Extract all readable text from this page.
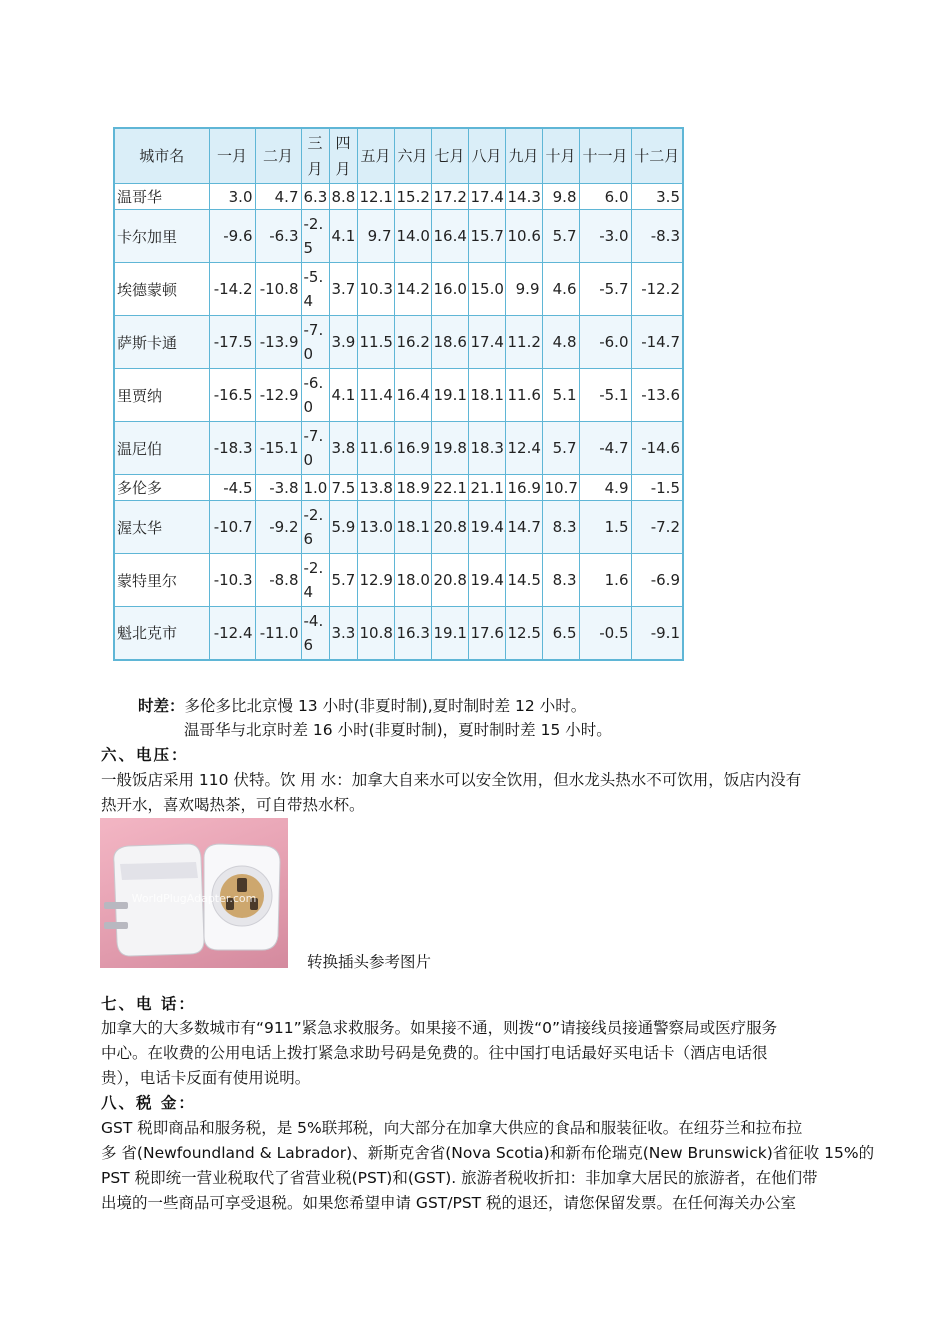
城市名	一月	二月	三月	四月	五月	六月	七月	八月	九月	十月	十一月	十二月
温哥华	3.0	4.7	6.3	8.8	12.1	15.2	17.2	17.4	14.3	9.8	6.0	3.5
卡尔加里	-9.6	-6.3	-2.5	4.1	9.7	14.0	16.4	15.7	10.6	5.7	-3.0	-8.3
埃德蒙顿	-14.2	-10.8	-5.4	3.7	10.3	14.2	16.0	15.0	9.9	4.6	-5.7	-12.2
萨斯卡通	-17.5	-13.9	-7.0	3.9	11.5	16.2	18.6	17.4	11.2	4.8	-6.0	-14.7
里贾纳	-16.5	-12.9	-6.0	4.1	11.4	16.4	19.1	18.1	11.6	5.1	-5.1	-13.6
温尼伯	-18.3	-15.1	-7.0	3.8	11.6	16.9	19.8	18.3	12.4	5.7	-4.7	-14.6
多伦多	-4.5	-3.8	1.0	7.5	13.8	18.9	22.1	21.1	16.9	10.7	4.9	-1.5
渥太华	-10.7	-9.2	-2.6	5.9	13.0	18.1	20.8	19.4	14.7	8.3	1.5	-7.2
蒙特里尔	-10.3	-8.8	-2.4	5.7	12.9	18.0	20.8	19.4	14.5	8.3	1.6	-6.9
魁北克市	-12.4	-11.0	-4.6	3.3	10.8	16.3	19.1	17.6	12.5	6.5	-0.5	-9.1
时差：多伦多比北京慢 13 小时(非夏时制),夏时制时差 12 小时。
温哥华与北京时差 16 小时(非夏时制)，夏时制时差 15 小时。
六、电压：
一般饭店采用 110 伏特。饮 用 水：加拿大自来水可以安全饮用，但水龙头热水不可饮用，饭店内没有
热开水，喜欢喝热茶，可自带热水杯。
WorldPlugAdapter.com
转换插头参考图片
七、电 话：
加拿大的大多数城市有“911”紧急求救服务。如果接不通，则拨“0”请接线员接通警察局或医疗服务
中心。在收费的公用电话上拨打紧急求助号码是免费的。往中国打电话最好买电话卡（酒店电话很
贵），电话卡反面有使用说明。
八、税 金：
GST 税即商品和服务税，是 5%联邦税，向大部分在加拿大供应的食品和服装征收。在纽芬兰和拉布拉
多 省(Newfoundland & Labrador)、新斯克舍省(Nova Scotia)和新布伦瑞克(New Brunswick)省征收 15%的
PST 税即统一营业税取代了省营业税(PST)和(GST). 旅游者税收折扣：非加拿大居民的旅游者，在他们带
出境的一些商品可享受退税。如果您希望申请 GST/PST 税的退还，请您保留发票。在任何海关办公室
